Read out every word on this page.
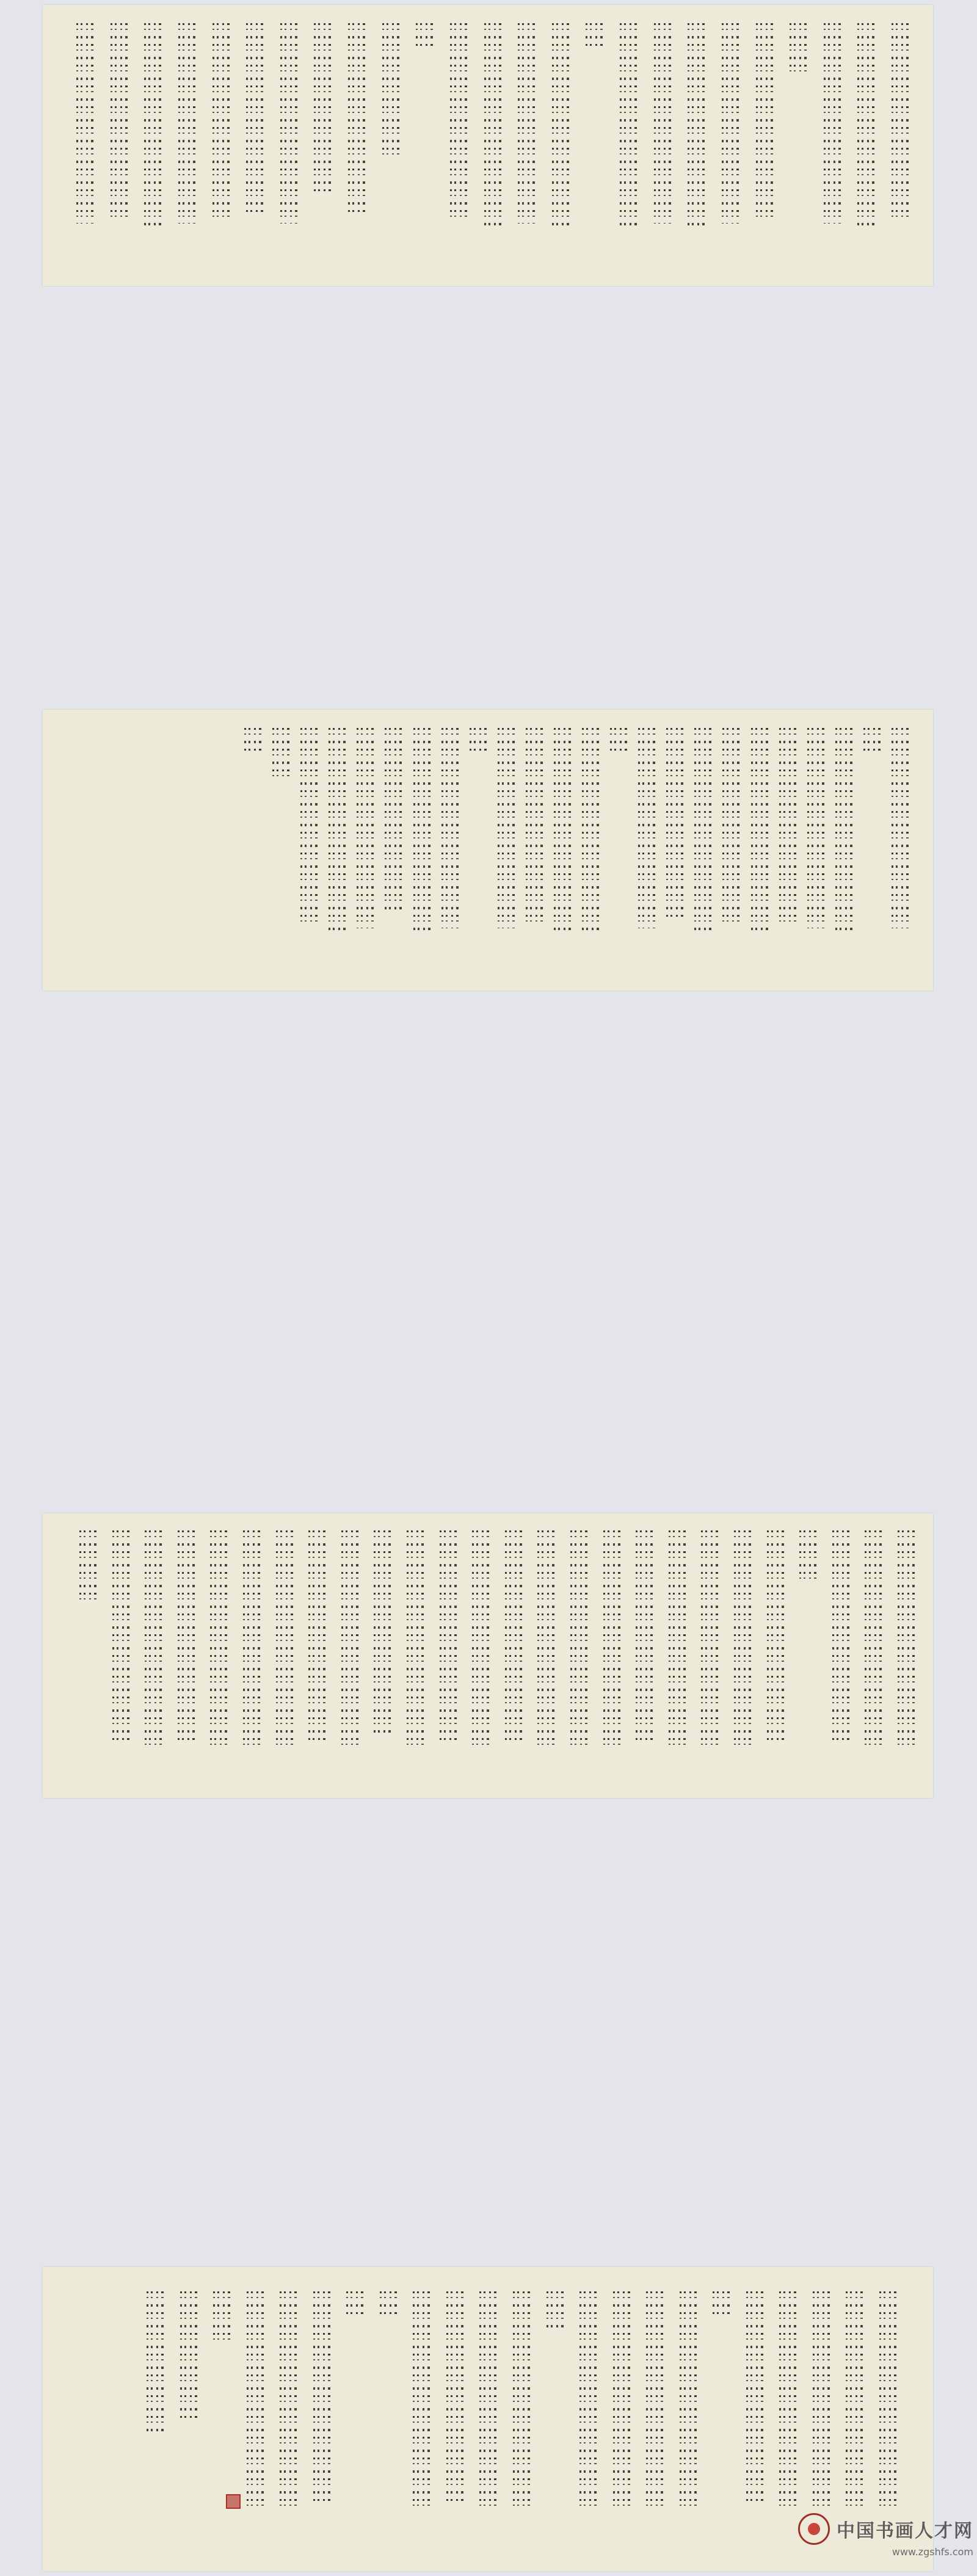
中国书画人才网
www.zgshfs.com
